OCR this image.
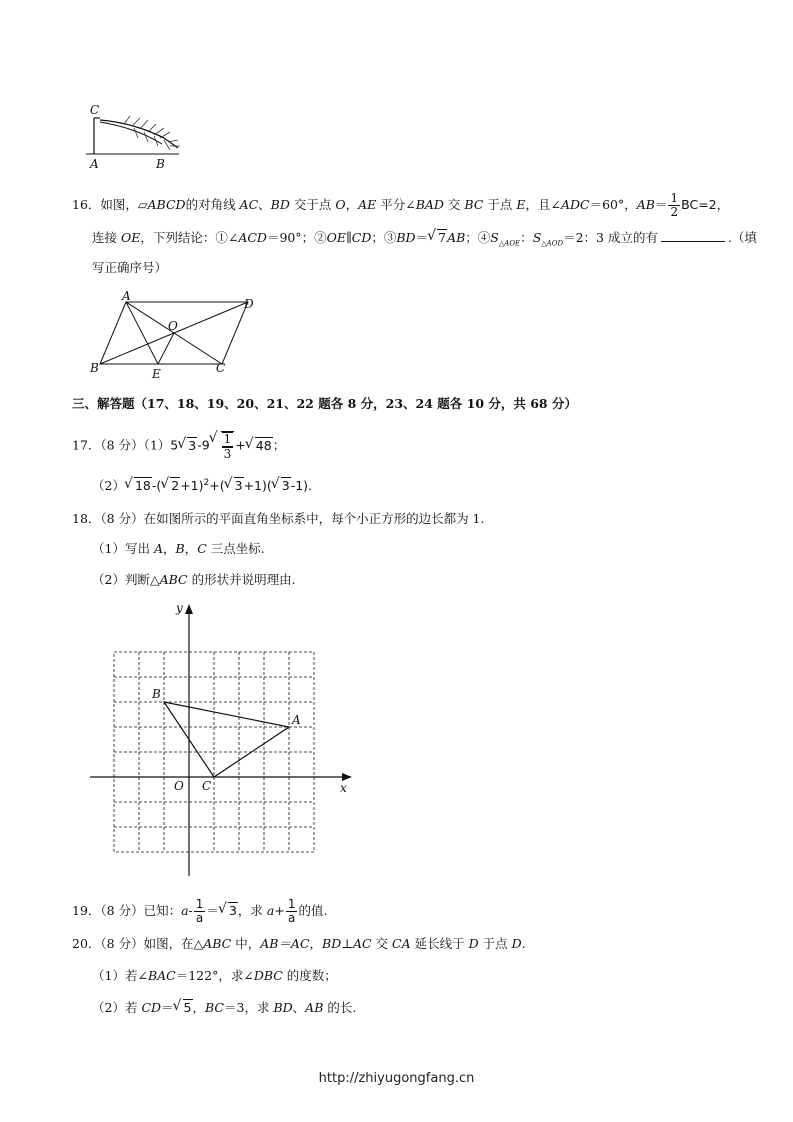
C
A	B
16．如图，▱ABCD的对角线 AC、BD 交于点 O，AE 平分∠BAD 交 BC 于点 E，且∠ADC＝60°，$AB= \frac{1}{2} BC=2$，
连接 OE，下列结论：①∠ACD＝90°；②OE∥CD；③BD＝ √ 7AB；$④S_{\triangle AOE}$：$S_{\triangle AOD}=2$：3 成立的有	.（填
写正确序号）
A
D
O
B	E	C
三、解答题（17、18、19、20、21、22 题各 8 分，23、24 题各 10 分，共 68 分）
17．（8 分）（1）5 √ 3-9 √ $\frac{1}{3}$ + √ 48；
（2） √ 18-( √ 2+1)$^2$+( √ 3+1)( √ 3-1).
18．（8 分）在如图所示的平面直角坐标系中，每个小正方形的边长都为 1.
（1）写出 A，B，C 三点坐标.
（2）判断△ABC 的形状并说明理由.
y
x
B
A
O C
19．（8 分）已知：$a- \frac{1}{a}$ ＝ √ 3，求 $a+ \frac{1}{a}$ 的值.
20．（8 分）如图，在△ABC 中，AB＝AC，BD⊥AC 交 CA 延长线于 D 于点 D.
（1）若∠BAC＝122°，求∠DBC 的度数；
（2）若 CD＝ √ 5，BC＝3，求 BD、AB 的长.
http://zhiyugongfang.cn
